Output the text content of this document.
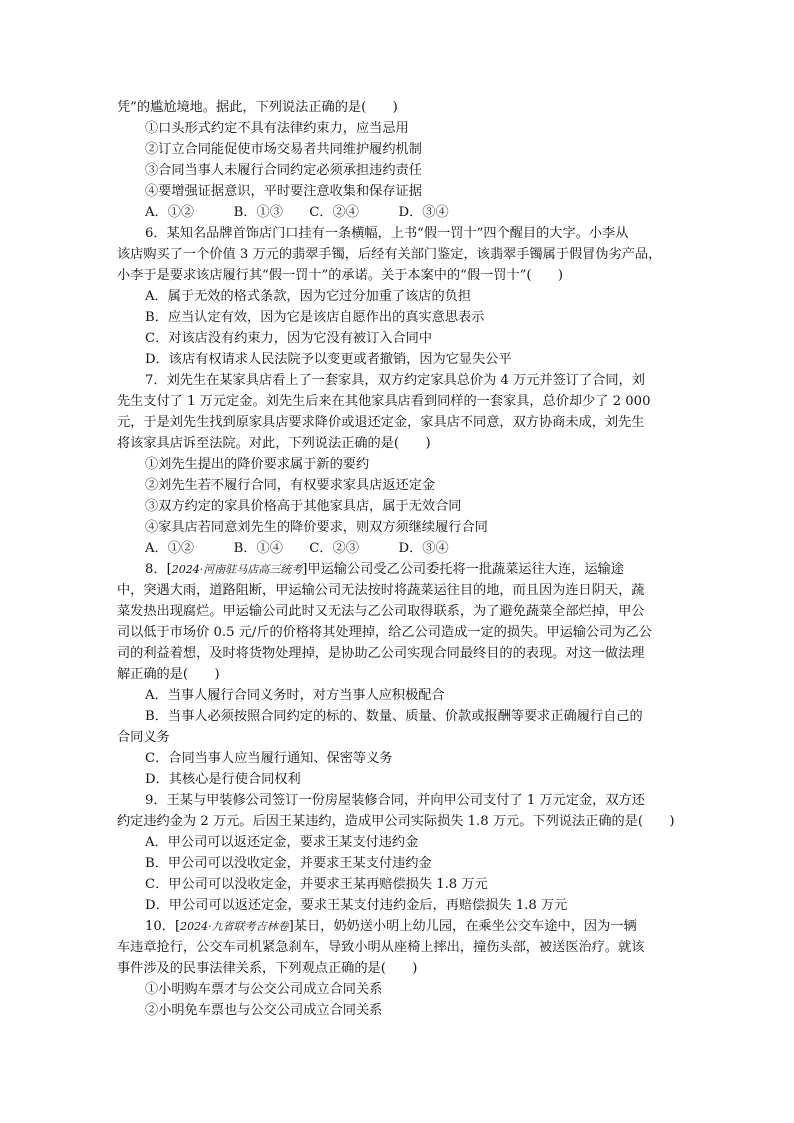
凭”的尴尬境地。据此，下列说法正确的是(　　)
①口头形式约定不具有法律约束力，应当忌用
②订立合同能促使市场交易者共同维护履约机制
③合同当事人未履行合同约定必须承担违约责任
④要增强证据意识，平时要注意收集和保存证据
A．①②　　　B．①③　　C．②④　　　D．③④
6．某知名品牌首饰店门口挂有一条横幅，上书“假一罚十”四个醒目的大字。小李从
该店购买了一个价值 3 万元的翡翠手镯，后经有关部门鉴定，该翡翠手镯属于假冒伪劣产品，
小李于是要求该店履行其“假一罚十”的承诺。关于本案中的“假一罚十”(　　)
A．属于无效的格式条款，因为它过分加重了该店的负担
B．应当认定有效，因为它是该店自愿作出的真实意思表示
C．对该店没有约束力，因为它没有被订入合同中
D．该店有权请求人民法院予以变更或者撤销，因为它显失公平
7．刘先生在某家具店看上了一套家具，双方约定家具总价为 4 万元并签订了合同，刘
先生支付了 1 万元定金。刘先生后来在其他家具店看到同样的一套家具，总价却少了 2 000
元，于是刘先生找到原家具店要求降价或退还定金，家具店不同意，双方协商未成，刘先生
将该家具店诉至法院。对此，下列说法正确的是(　　)
①刘先生提出的降价要求属于新的要约
②刘先生若不履行合同，有权要求家具店返还定金
③双方约定的家具价格高于其他家具店，属于无效合同
④家具店若同意刘先生的降价要求，则双方须继续履行合同
A．①②　　　B．①④　　C．②③　　　D．③④
8．[2024·河南驻马店高三统考]甲运输公司受乙公司委托将一批蔬菜运往大连，运输途
中，突遇大雨，道路阻断，甲运输公司无法按时将蔬菜运往目的地，而且因为连日阴天，蔬
菜发热出现腐烂。甲运输公司此时又无法与乙公司取得联系，为了避免蔬菜全部烂掉，甲公
司以低于市场价 0.5 元/斤的价格将其处理掉，给乙公司造成一定的损失。甲运输公司为乙公
司的利益着想，及时将货物处理掉，是协助乙公司实现合同最终目的的表现。对这一做法理
解正确的是(　　)
A．当事人履行合同义务时，对方当事人应积极配合
B．当事人必须按照合同约定的标的、数量、质量、价款或报酬等要求正确履行自己的
合同义务
C．合同当事人应当履行通知、保密等义务
D．其核心是行使合同权利
9．王某与甲装修公司签订一份房屋装修合同，并向甲公司支付了 1 万元定金，双方还
约定违约金为 2 万元。后因王某违约，造成甲公司实际损失 1.8 万元。下列说法正确的是(　　)
A．甲公司可以返还定金，要求王某支付违约金
B．甲公司可以没收定金，并要求王某支付违约金
C．甲公司可以没收定金，并要求王某再赔偿损失 1.8 万元
D．甲公司可以返还定金，要求王某支付违约金后，再赔偿损失 1.8 万元
10．[2024·九省联考吉林卷]某日，奶奶送小明上幼儿园，在乘坐公交车途中，因为一辆
车违章抢行，公交车司机紧急刹车，导致小明从座椅上摔出，撞伤头部，被送医治疗。就该
事件涉及的民事法律关系，下列观点正确的是(　　)
①小明购车票才与公交公司成立合同关系
②小明免车票也与公交公司成立合同关系
